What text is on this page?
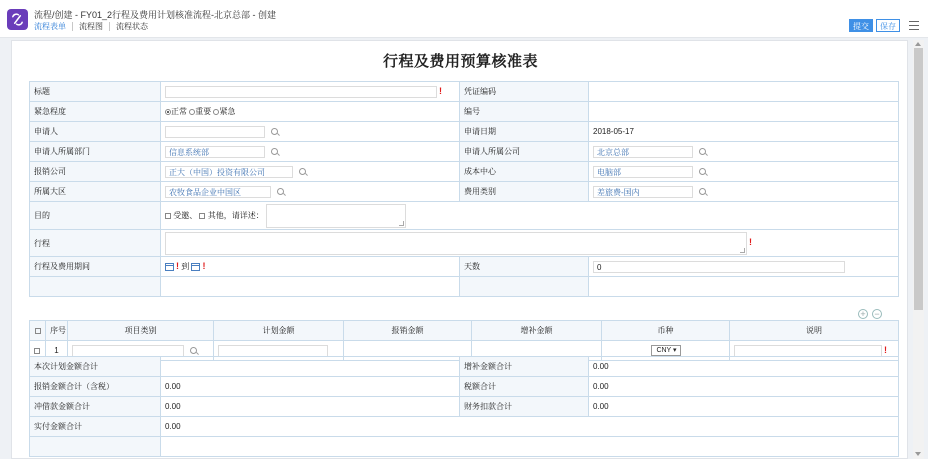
流程/创建 - FY01_2行程及费用计划核准流程-北京总部 - 创建
流程表单	流程图	流程状态	提交	保存
行程及费用预算核准表
标题	!	凭证编码	
紧急程度	正常 重要 紧急	编号	
申请人		申请日期	2018-05-17
申请人所属部门	信息系统部	申请人所属公司	北京总部
报销公司	正大（中国）投资有限公司	成本中心	电脑部
所属大区	农牧食品企业中国区	费用类别	差旅费-国内
目的	受邀、 其他，请详述：		
行程	!		
行程及费用期间	! 到 !	天数	0

+ −
	序号	项目类别	计划金额	报销金额	增补金额	币种	说明
	1					CNY ▾	!
本次计划金额合计		增补金额合计	0.00
报销金额合计（含税）	0.00	税额合计	0.00
冲借款金额合计	0.00	财务扣款合计	0.00
实付金额合计	0.00		
